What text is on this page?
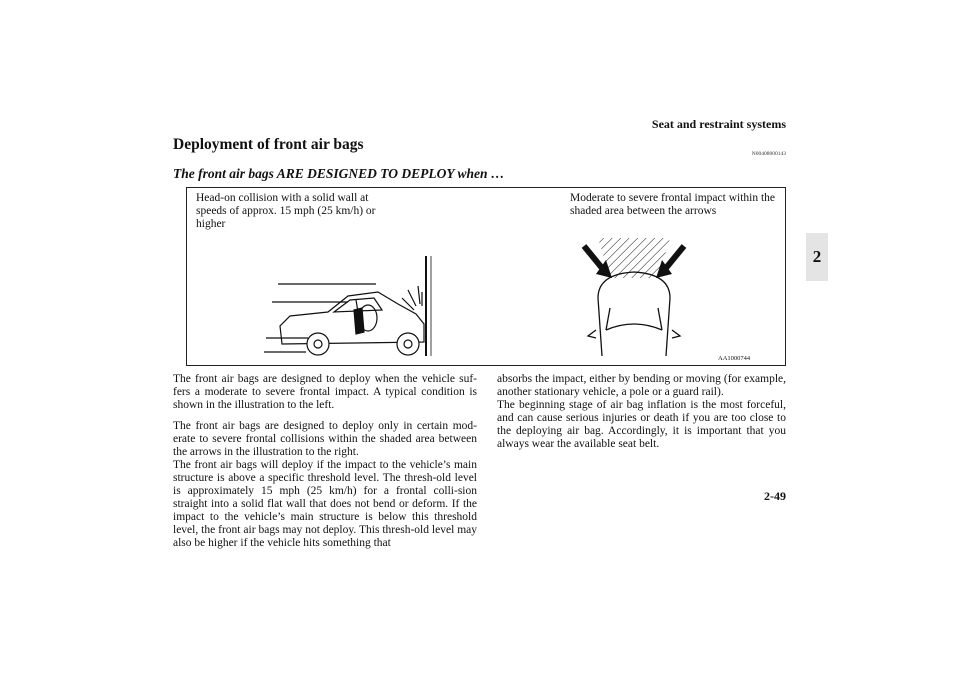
Seat and restraint systems
Deployment of front air bags
N00408000143
The front air bags ARE DESIGNED TO DEPLOY when …
2
Head-on collision with a solid wall at speeds of approx. 15 mph (25 km/h) or higher
Moderate to severe frontal impact within the shaded area between the arrows
AA1000744

The front air bags are designed to deploy when the vehicle suf-fers a moderate to severe frontal impact. A typical condition is shown in the illustration to the left.

The front air bags are designed to deploy only in certain mod-erate to severe frontal collisions within the shaded area between the arrows in the illustration to the right.

The front air bags will deploy if the impact to the vehicle’s main structure is above a specific threshold level. The thresh-old level is approximately 15 mph (25 km/h) for a frontal colli-sion straight into a solid flat wall that does not bend or deform. If the impact to the vehicle’s main structure is below this threshold level, the front air bags may not deploy. This thresh-old level may also be higher if the vehicle hits something that

absorbs the impact, either by bending or moving (for example, another stationary vehicle, a pole or a guard rail).

The beginning stage of air bag inflation is the most forceful, and can cause serious injuries or death if you are too close to the deploying air bag. Accordingly, it is important that you always wear the available seat belt.

2-49
